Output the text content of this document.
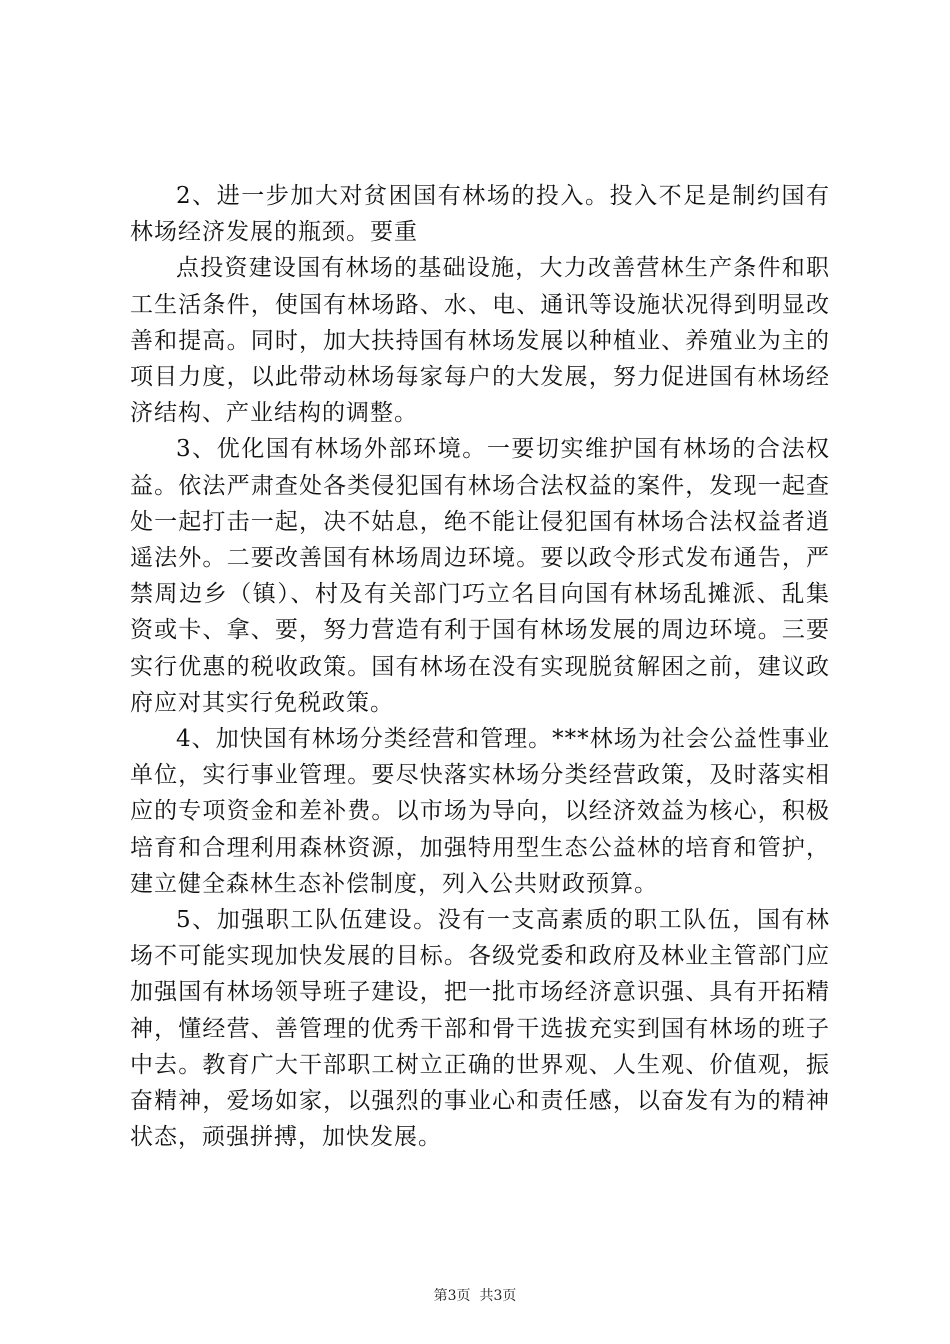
2、进一步加大对贫困国有林场的投入。投入不足是制约国有林场经济发展的瓶颈。要重

点投资建设国有林场的基础设施，大力改善营林生产条件和职工生活条件，使国有林场路、水、电、通讯等设施状况得到明显改善和提高。同时，加大扶持国有林场发展以种植业、养殖业为主的项目力度，以此带动林场每家每户的大发展，努力促进国有林场经济结构、产业结构的调整。

3、优化国有林场外部环境。一要切实维护国有林场的合法权益。依法严肃查处各类侵犯国有林场合法权益的案件，发现一起查处一起打击一起，决不姑息，绝不能让侵犯国有林场合法权益者逍遥法外。二要改善国有林场周边环境。要以政令形式发布通告，严禁周边乡（镇）、村及有关部门巧立名目向国有林场乱摊派、乱集资或卡、拿、要，努力营造有利于国有林场发展的周边环境。三要实行优惠的税收政策。国有林场在没有实现脱贫解困之前，建议政府应对其实行免税政策。

4、加快国有林场分类经营和管理。***林场为社会公益性事业单位，实行事业管理。要尽快落实林场分类经营政策，及时落实相应的专项资金和差补费。以市场为导向，以经济效益为核心，积极培育和合理利用森林资源，加强特用型生态公益林的培育和管护，建立健全森林生态补偿制度，列入公共财政预算。

5、加强职工队伍建设。没有一支高素质的职工队伍，国有林场不可能实现加快发展的目标。各级党委和政府及林业主管部门应加强国有林场领导班子建设，把一批市场经济意识强、具有开拓精神，懂经营、善管理的优秀干部和骨干选拔充实到国有林场的班子中去。教育广大干部职工树立正确的世界观、人生观、价值观，振奋精神，爱场如家，以强烈的事业心和责任感，以奋发有为的精神状态，顽强拼搏，加快发展。

第3页  共3页
